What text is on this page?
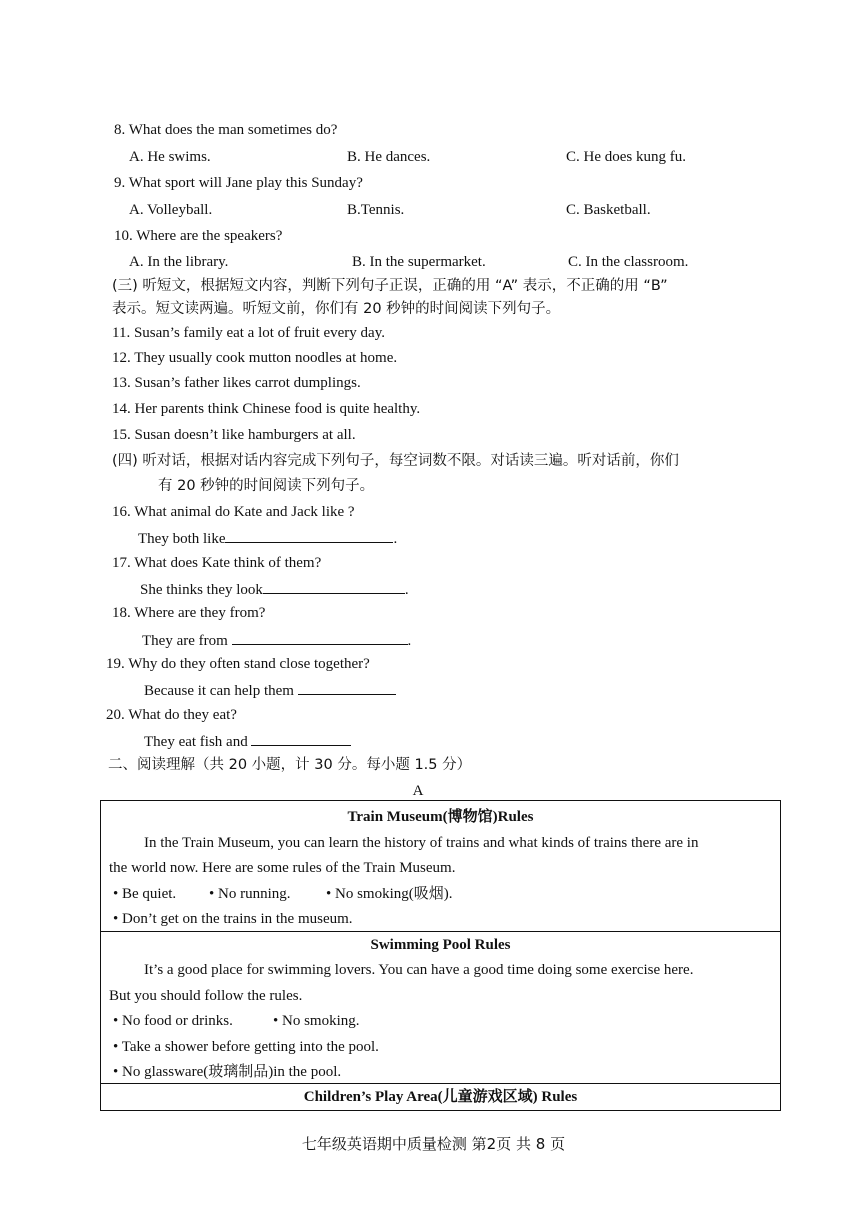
8. What does the man sometimes do?
A. He swims.	B. He dances.	C. He does kung fu.
9. What sport will Jane play this Sunday?
A. Volleyball.	B.Tennis.	C. Basketball.
10. Where are the speakers?
A. In the library.	B. In the supermarket.	C. In the classroom.
(三) 听短文，根据短文内容，判断下列句子正误，正确的用 “A” 表示，不正确的用 “B”
表示。短文读两遍。听短文前，你们有 20 秒钟的时间阅读下列句子。
11. Susan’s family eat a lot of fruit every day.
12. They usually cook mutton noodles at home.
13. Susan’s father likes carrot dumplings.
14. Her parents think Chinese food is quite healthy.
15. Susan doesn’t like hamburgers at all.
(四) 听对话，根据对话内容完成下列句子，每空词数不限。对话读三遍。听对话前，你们
有 20 秒钟的时间阅读下列句子。
16. What animal do Kate and Jack like ?
They both like	.
17. What does Kate think of them?
She thinks they look	.
18. Where are they from?
They are from	.
19. Why do they often stand close together?
Because it can help them
20. What do they eat?
They eat fish and
二、阅读理解（共 20 小题，计 30 分。每小题 1.5 分）
A
Train Museum(博物馆)Rules
In the Train Museum, you can learn the history of trains and what kinds of trains there are in
the world now. Here are some rules of the Train Museum.
• Be quiet. • No running. • No smoking(吸烟).
• Don’t get on the trains in the museum.
Swimming Pool Rules
It’s a good place for swimming lovers. You can have a good time doing some exercise here.
But you should follow the rules.
• No food or drinks.	• No smoking.
• Take a shower before getting into the pool.
• No glassware(玻璃制品)in the pool.
Children’s Play Area(儿童游戏区域) Rules
七年级英语期中质量检测 第2页 共 8 页
